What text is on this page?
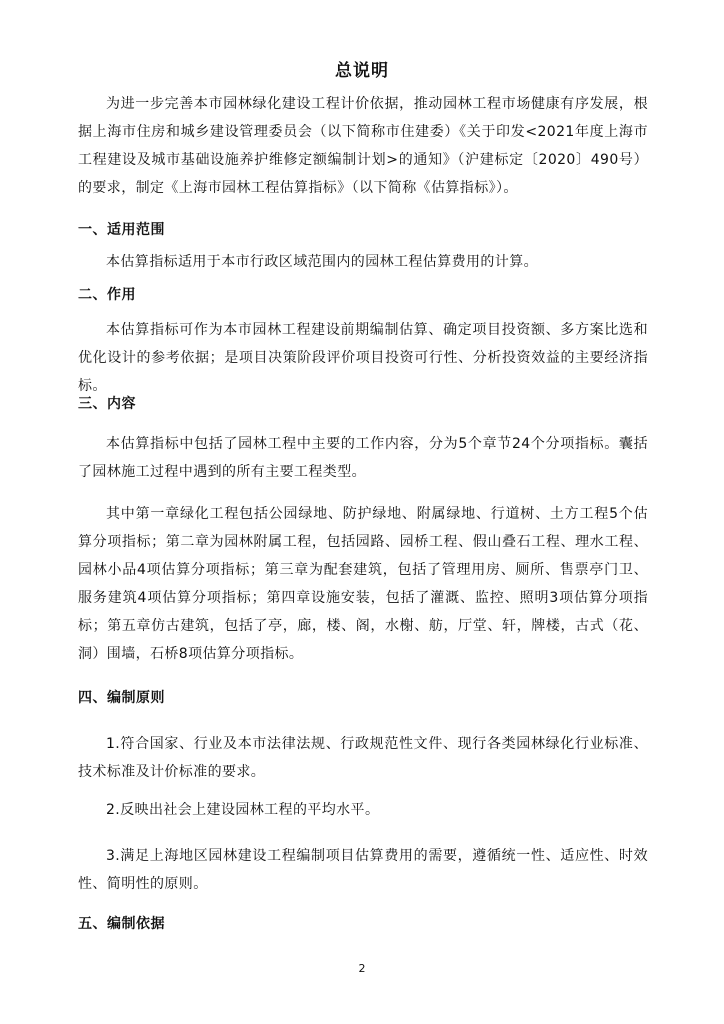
总说明

为进一步完善本市园林绿化建设工程计价依据，推动园林工程市场健康有序发展，根据上海市住房和城乡建设管理委员会（以下简称市住建委）《关于印发<2021年度上海市工程建设及城市基础设施养护维修定额编制计划>的通知》（沪建标定〔2020〕490号）的要求，制定《上海市园林工程估算指标》（以下简称《估算指标》）。

一、适用范围

本估算指标适用于本市行政区域范围内的园林工程估算费用的计算。

二、作用

本估算指标可作为本市园林工程建设前期编制估算、确定项目投资额、多方案比选和优化设计的参考依据；是项目决策阶段评价项目投资可行性、分析投资效益的主要经济指标。

三、内容

本估算指标中包括了园林工程中主要的工作内容，分为5个章节24个分项指标。囊括了园林施工过程中遇到的所有主要工程类型。

其中第一章绿化工程包括公园绿地、防护绿地、附属绿地、行道树、土方工程5个估算分项指标；第二章为园林附属工程，包括园路、园桥工程、假山叠石工程、理水工程、园林小品4项估算分项指标；第三章为配套建筑，包括了管理用房、厕所、售票亭门卫、服务建筑4项估算分项指标；第四章设施安装，包括了灌溉、监控、照明3项估算分项指标；第五章仿古建筑，包括了亭，廊，楼、阁，水榭、舫，厅堂、轩，牌楼，古式（花、洞）围墙，石桥8项估算分项指标。

四、编制原则

1.符合国家、行业及本市法律法规、行政规范性文件、现行各类园林绿化行业标准、技术标准及计价标准的要求。

2.反映出社会上建设园林工程的平均水平。

3.满足上海地区园林建设工程编制项目估算费用的需要，遵循统一性、适应性、时效性、简明性的原则。

五、编制依据
2
